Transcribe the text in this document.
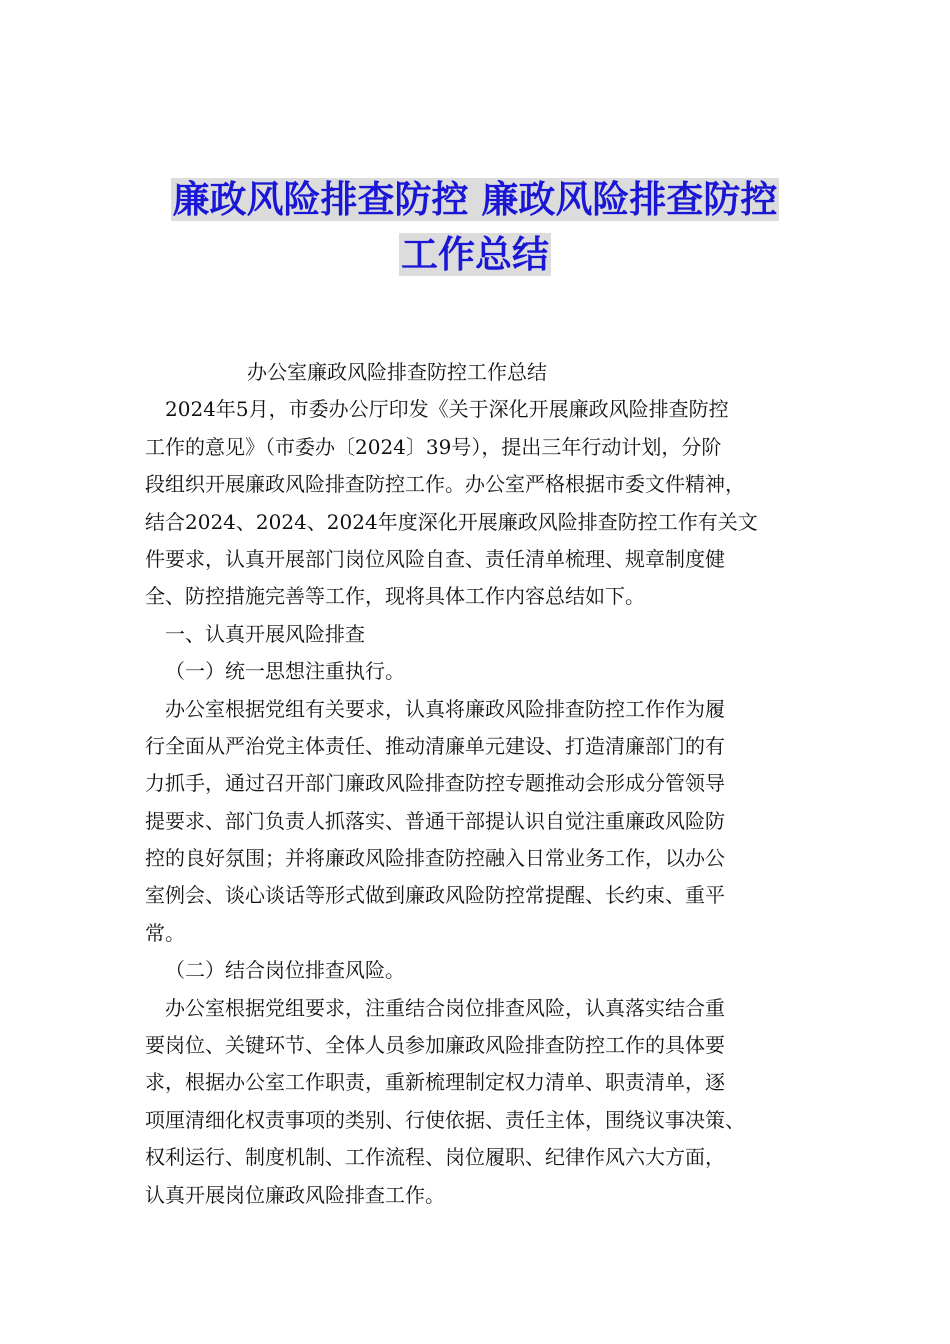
廉政风险排查防控 廉政风险排查防控
工作总结
办公室廉政风险排查防控工作总结
2024年5月，市委办公厅印发《关于深化开展廉政风险排查防控
工作的意见》（市委办〔2024〕39号），提出三年行动计划，分阶
段组织开展廉政风险排查防控工作。办公室严格根据市委文件精神，
结合2024、2024、2024年度深化开展廉政风险排查防控工作有关文
件要求，认真开展部门岗位风险自查、责任清单梳理、规章制度健
全、防控措施完善等工作，现将具体工作内容总结如下。
一、认真开展风险排查
（一）统一思想注重执行。
办公室根据党组有关要求，认真将廉政风险排查防控工作作为履
行全面从严治党主体责任、推动清廉单元建设、打造清廉部门的有
力抓手，通过召开部门廉政风险排查防控专题推动会形成分管领导
提要求、部门负责人抓落实、普通干部提认识自觉注重廉政风险防
控的良好氛围；并将廉政风险排查防控融入日常业务工作，以办公
室例会、谈心谈话等形式做到廉政风险防控常提醒、长约束、重平
常。
（二）结合岗位排查风险。
办公室根据党组要求，注重结合岗位排查风险，认真落实结合重
要岗位、关键环节、全体人员参加廉政风险排查防控工作的具体要
求，根据办公室工作职责，重新梳理制定权力清单、职责清单，逐
项厘清细化权责事项的类别、行使依据、责任主体，围绕议事决策、
权利运行、制度机制、工作流程、岗位履职、纪律作风六大方面，
认真开展岗位廉政风险排查工作。
